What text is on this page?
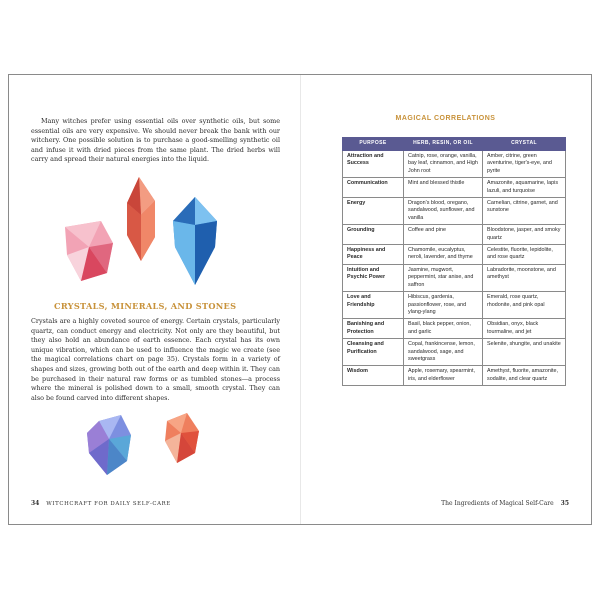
Many witches prefer using essential oils over synthetic oils, but some essential oils are very expensive. We should never break the bank with our witchery. One possible solution is to purchase a good-smelling synthetic oil and infuse it with dried pieces from the same plant. The dried herbs will carry and spread their natural energies into the liquid.

CRYSTALS, MINERALS, AND STONES

Crystals are a highly coveted source of energy. Certain crystals, particularly quartz, can conduct energy and electricity. Not only are they beautiful, but they also hold an abundance of earth essence. Each crystal has its own unique vibration, which can be used to influence the magic we create (see the magical correlations chart on page 35). Crystals form in a variety of shapes and sizes, growing both out of the earth and deep within it. They can be purchased in their natural raw forms or as tumbled stones—a process where the mineral is polished down to a small, smooth crystal. They can also be found carved into different shapes.

34 WITCHCRAFT FOR DAILY SELF-CARE
MAGICAL CORRELATIONS
PURPOSE	HERB, RESIN, OR OIL	CRYSTAL
Attraction and Success	Catnip, rose, orange, vanilla, bay leaf, cinnamon, and High John root	Amber, citrine, green aventurine, tiger's-eye, and pyrite
Communication	Mint and blessed thistle	Amazonite, aquamarine, lapis lazuli, and turquoise
Energy	Dragon's blood, oregano, sandalwood, sunflower, and vanilla	Carnelian, citrine, garnet, and sunstone
Grounding	Coffee and pine	Bloodstone, jasper, and smoky quartz
Happiness and Peace	Chamomile, eucalyptus, neroli, lavender, and thyme	Celestite, fluorite, lepidolite, and rose quartz
Intuition and Psychic Power	Jasmine, mugwort, peppermint, star anise, and saffron	Labradorite, moonstone, and amethyst
Love and Friendship	Hibiscus, gardenia, passionflower, rose, and ylang-ylang	Emerald, rose quartz, rhodonite, and pink opal
Banishing and Protection	Basil, black pepper, onion, and garlic	Obsidian, onyx, black tourmaline, and jet
Cleansing and Purification	Copal, frankincense, lemon, sandalwood, sage, and sweetgrass	Selenite, shungite, and unakite
Wisdom	Apple, rosemary, spearmint, iris, and elderflower	Amethyst, fluorite, amazonite, sodalite, and clear quartz
The Ingredients of Magical Self-Care 35
